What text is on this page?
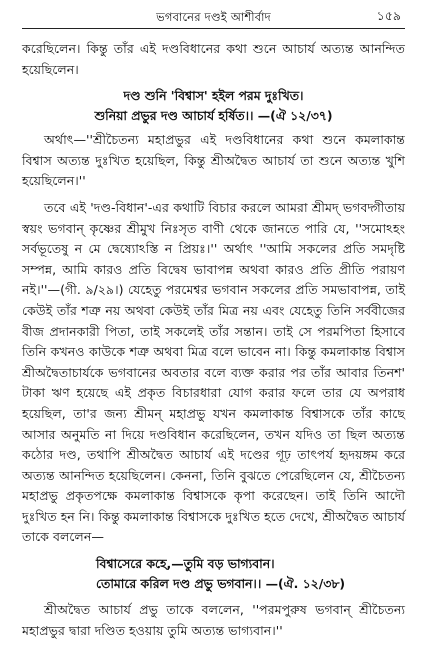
ভগবানের দণ্ডই আশীর্বাদ	১৫৯

করেছিলেন। কিন্তু তাঁর এই দণ্ডবিধানের কথা শুনে আচার্য অত্যন্ত আনন্দিত হয়েছিলেন।

দণ্ড শুনি 'বিশ্বাস' হইল পরম দুঃখিত।
শুনিয়া প্রভুর দণ্ড আচার্য হর্ষিত।। —(ঐ ১২/৩৭)

অর্থাৎ—''শ্রীচৈতন্য মহাপ্রভুর এই দণ্ডবিধানের কথা শুনে কমলাকান্ত বিশ্বাস অত্যন্ত দুঃখিত হয়েছিল, কিন্তু শ্রীঅদ্বৈত আচার্য তা শুনে অত্যন্ত খুশি হয়েছিলেন।''

তবে এই 'দণ্ড-বিধান'-এর কথাটি বিচার করলে আমরা শ্রীমদ্ ভগবদ্গীতায় স্বয়ং ভগবান্ কৃষ্ণের শ্রীমুখ নিঃসৃত বাণী থেকে জানতে পারি যে, ''সমোঽহং সর্বভূতেষু ন মে দ্বেষ্যোঽস্তি ন প্রিয়ঃ।'' অর্থাৎ ''আমি সকলের প্রতি সমদৃষ্টি সম্পন্ন, আমি কারও প্রতি বিদ্বেষ ভাবাপন্ন অথবা কারও প্রতি প্রীতি পরায়ণ নই।''—(গী. ৯/২৯।) যেহেতু পরমেশ্বর ভগবান সকলের প্রতি সমভাবাপন্ন, তাই কেউই তাঁর শত্রু নয় অথবা কেউই তাঁর মিত্র নয় এবং যেহেতু তিনি সর্ববীজের বীজ প্রদানকারী পিতা, তাই সকলেই তাঁর সন্তান। তাই সে পরমপিতা হিসাবে তিনি কখনও কাউকে শত্রু অথবা মিত্র বলে ভাবেন না। কিন্তু কমলাকান্ত বিশ্বাস শ্রীঅদ্বৈতাচার্যকে ভগবানের অবতার বলে ব্যক্ত করার পর তাঁর আবার তিনশ' টাকা ঋণ হয়েছে এই প্রকৃত বিচারধারা যোগ করার ফলে তার যে অপরাধ হয়েছিল, তা'র জন্য শ্রীমন্ মহাপ্রভু যখন কমলাকান্ত বিশ্বাসকে তাঁর কাছে আসার অনুমতি না দিয়ে দণ্ডবিধান করেছিলেন, তখন যদিও তা ছিল অত্যন্ত কঠোর দণ্ড, তথাপি শ্রীঅদ্বৈত আচার্য এই দণ্ডের গূঢ় তাৎপর্য হৃদয়ঙ্গম করে অত্যন্ত আনন্দিত হয়েছিলেন। কেননা, তিনি বুঝতে পেরেছিলেন যে, শ্রীচৈতন্য মহাপ্রভু প্রকৃতপক্ষে কমলাকান্ত বিশ্বাসকে কৃপা করেছেন। তাই তিনি আদৌ দুঃখিত হন নি। কিন্তু কমলাকান্ত বিশ্বাসকে দুঃখিত হতে দেখে, শ্রীঅদ্বৈত আচার্য তাকে বললেন—

বিশ্বাসেরে কহে,—তুমি বড় ভাগ্যবান।
তোমারে করিল দণ্ড প্রভু ভগবান।। —(ঐ. ১২/৩৮)

শ্রীঅদ্বৈত আচার্য প্রভু তাকে বললেন, ''পরমপুরুষ ভগবান্ শ্রীচৈতন্য মহাপ্রভুর দ্বারা দণ্ডিত হওয়ায় তুমি অত্যন্ত ভাগ্যবান।''
